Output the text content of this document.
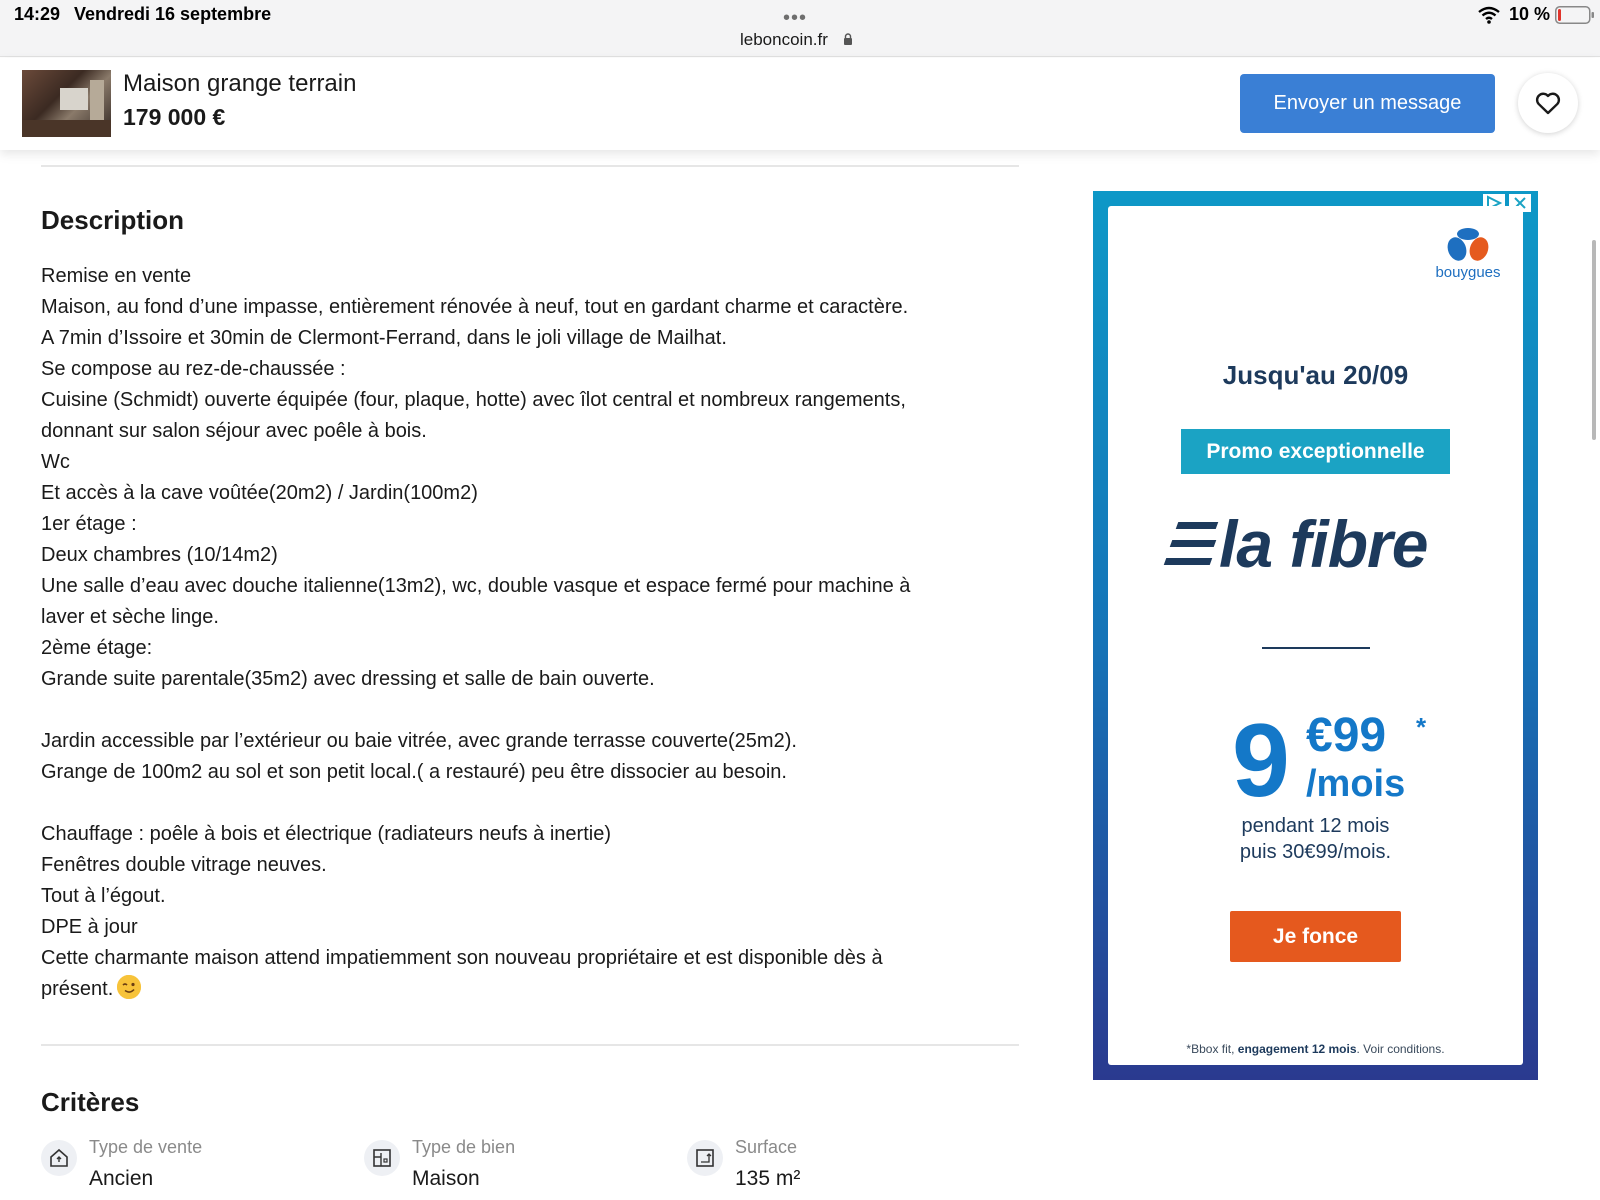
14:29 Vendredi 16 septembre	•••
leboncoin.fr
10 %
Maison grange terrain
179 000 €
Envoyer un message
Description
Remise en vente
Maison, au fond d’une impasse, entièrement rénovée à neuf, tout en gardant charme et caractère.
A 7min d’Issoire et 30min de Clermont-Ferrand, dans le joli village de Mailhat.
Se compose au rez-de-chaussée :
Cuisine (Schmidt) ouverte équipée (four, plaque, hotte) avec îlot central et nombreux rangements,
donnant sur salon séjour avec poêle à bois.
Wc
Et accès à la cave voûtée(20m2) / Jardin(100m2)
1er étage :
Deux chambres (10/14m2)
Une salle d’eau avec douche italienne(13m2), wc, double vasque et espace fermé pour machine à
laver et sèche linge.
2ème étage:
Grande suite parentale(35m2) avec dressing et salle de bain ouverte.
Jardin accessible par l’extérieur ou baie vitrée, avec grande terrasse couverte(25m2).
Grange de 100m2 au sol et son petit local.( a restauré) peu être dissocier au besoin.
Chauffage : poêle à bois et électrique (radiateurs neufs à inertie)
Fenêtres double vitrage neuves.
Tout à l’égout.
DPE à jour
Cette charmante maison attend impatiemment son nouveau propriétaire et est disponible dès à
présent.
Critères
Type de vente
Ancien
Type de bien
Maison
Surface
135 m²
bouygues
Jusqu'au 20/09
Promo exceptionnelle
la fibre
9 €99 *
/mois
pendant 12 mois
puis 30€99/mois.
Je fonce
*Bbox fit, engagement 12 mois. Voir conditions.
